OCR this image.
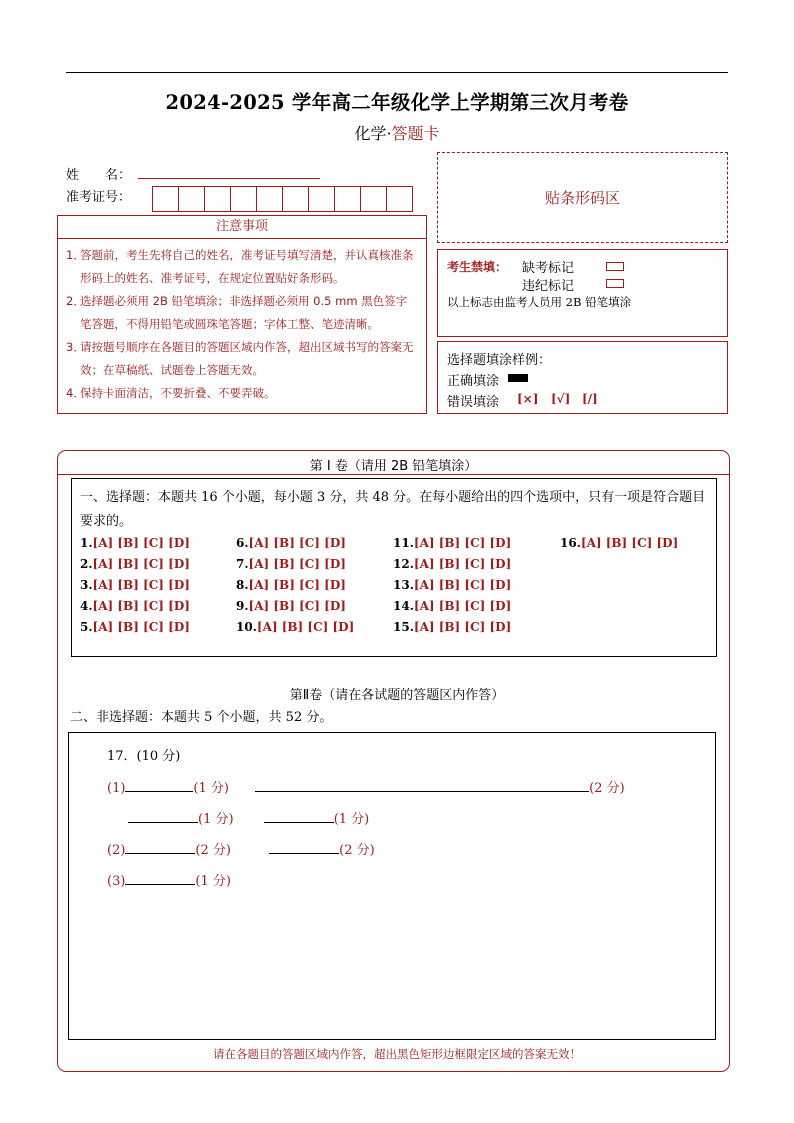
2024-2025 学年高二年级化学上学期第三次月考卷
化学·答题卡
姓　　名：
准考证号：	贴条形码区
注意事项
1．
答题前，考生先将自己的姓名，准考证号填写清楚，并认真核准条形码上的姓名、准考证号，在规定位置贴好条形码。
2．
选择题必须用 2B 铅笔填涂；非选择题必须用 0.5 mm 黑色签字笔答题，不得用铅笔或圆珠笔答题；字体工整、笔迹清晰。
3．
请按题号顺序在各题目的答题区域内作答，超出区域书写的答案无效；在草稿纸、试题卷上答题无效。
4．
保持卡面清洁，不要折叠、不要弄破。
考生禁填： 缺考标记
违纪标记
以上标志由监考人员用 2B 铅笔填涂
选择题填涂样例：
正确填涂
错误填涂 [×] [√] [/]
第 I 卷（请用 2B 铅笔填涂）
一、选择题：本题共 16 个小题，每小题 3 分，共 48 分。在每小题给出的四个选项中，只有一项是符合题目要求的。
1.[A] [B] [C] [D]
2.[A] [B] [C] [D]
3.[A] [B] [C] [D]
4.[A] [B] [C] [D]
5.[A] [B] [C] [D]
6.[A] [B] [C] [D]
7.[A] [B] [C] [D]
8.[A] [B] [C] [D]
9.[A] [B] [C] [D]
10.[A] [B] [C] [D]
11.[A] [B] [C] [D]
12.[A] [B] [C] [D]
13.[A] [B] [C] [D]
14.[A] [B] [C] [D]
15.[A] [B] [C] [D]
16.[A] [B] [C] [D]
第Ⅱ卷（请在各试题的答题区内作答）
二、非选择题：本题共 5 个小题，共 52 分。
17．(10 分)
(1)	(1 分)	(2 分)
(1 分)	(1 分)
(2)	(2 分)	(2 分)
(3)	(1 分)
请在各题目的答题区域内作答，超出黑色矩形边框限定区域的答案无效！
